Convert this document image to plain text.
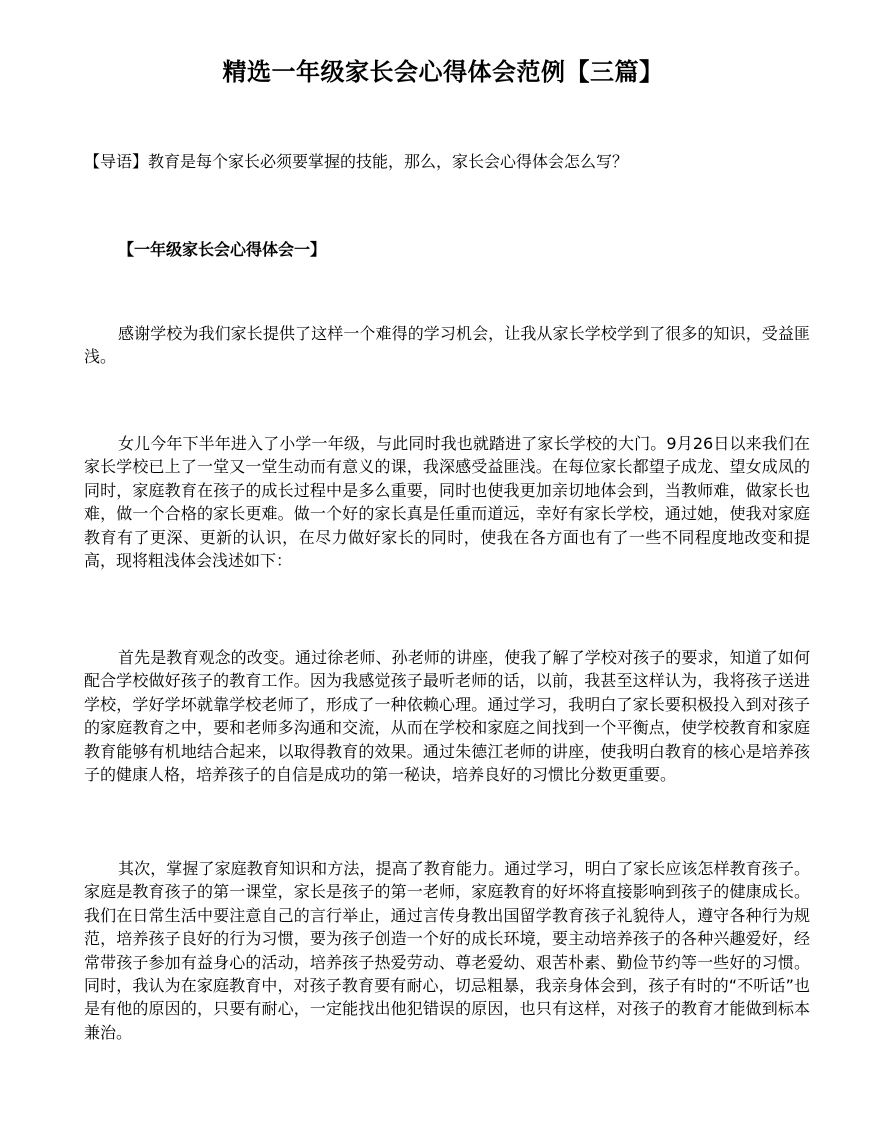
精选一年级家长会心得体会范例【三篇】
【导语】教育是每个家长必须要掌握的技能，那么，家长会心得体会怎么写？
【一年级家长会心得体会一】

感谢学校为我们家长提供了这样一个难得的学习机会，让我从家长学校学到了很多的知识，受益匪浅。

女儿今年下半年进入了小学一年级，与此同时我也就踏进了家长学校的大门。9月26日以来我们在家长学校已上了一堂又一堂生动而有意义的课，我深感受益匪浅。在每位家长都望子成龙、望女成凤的同时，家庭教育在孩子的成长过程中是多么重要，同时也使我更加亲切地体会到，当教师难，做家长也难，做一个合格的家长更难。做一个好的家长真是任重而道远，幸好有家长学校，通过她，使我对家庭教育有了更深、更新的认识，在尽力做好家长的同时，使我在各方面也有了一些不同程度地改变和提高，现将粗浅体会浅述如下：

首先是教育观念的改变。通过徐老师、孙老师的讲座，使我了解了学校对孩子的要求，知道了如何配合学校做好孩子的教育工作。因为我感觉孩子最听老师的话，以前，我甚至这样认为，我将孩子送进学校，学好学坏就靠学校老师了，形成了一种依赖心理。通过学习，我明白了家长要积极投入到对孩子的家庭教育之中，要和老师多沟通和交流，从而在学校和家庭之间找到一个平衡点，使学校教育和家庭教育能够有机地结合起来，以取得教育的效果。通过朱德江老师的讲座，使我明白教育的核心是培养孩子的健康人格，培养孩子的自信是成功的第一秘诀，培养良好的习惯比分数更重要。

其次，掌握了家庭教育知识和方法，提高了教育能力。通过学习，明白了家长应该怎样教育孩子。家庭是教育孩子的第一课堂，家长是孩子的第一老师，家庭教育的好坏将直接影响到孩子的健康成长。我们在日常生活中要注意自己的言行举止，通过言传身教出国留学教育孩子礼貌待人，遵守各种行为规范，培养孩子良好的行为习惯，要为孩子创造一个好的成长环境，要主动培养孩子的各种兴趣爱好，经常带孩子参加有益身心的活动，培养孩子热爱劳动、尊老爱幼、艰苦朴素、勤俭节约等一些好的习惯。同时，我认为在家庭教育中，对孩子教育要有耐心，切忌粗暴，我亲身体会到，孩子有时的“不听话”也是有他的原因的，只要有耐心，一定能找出他犯错误的原因，也只有这样，对孩子的教育才能做到标本兼治。
